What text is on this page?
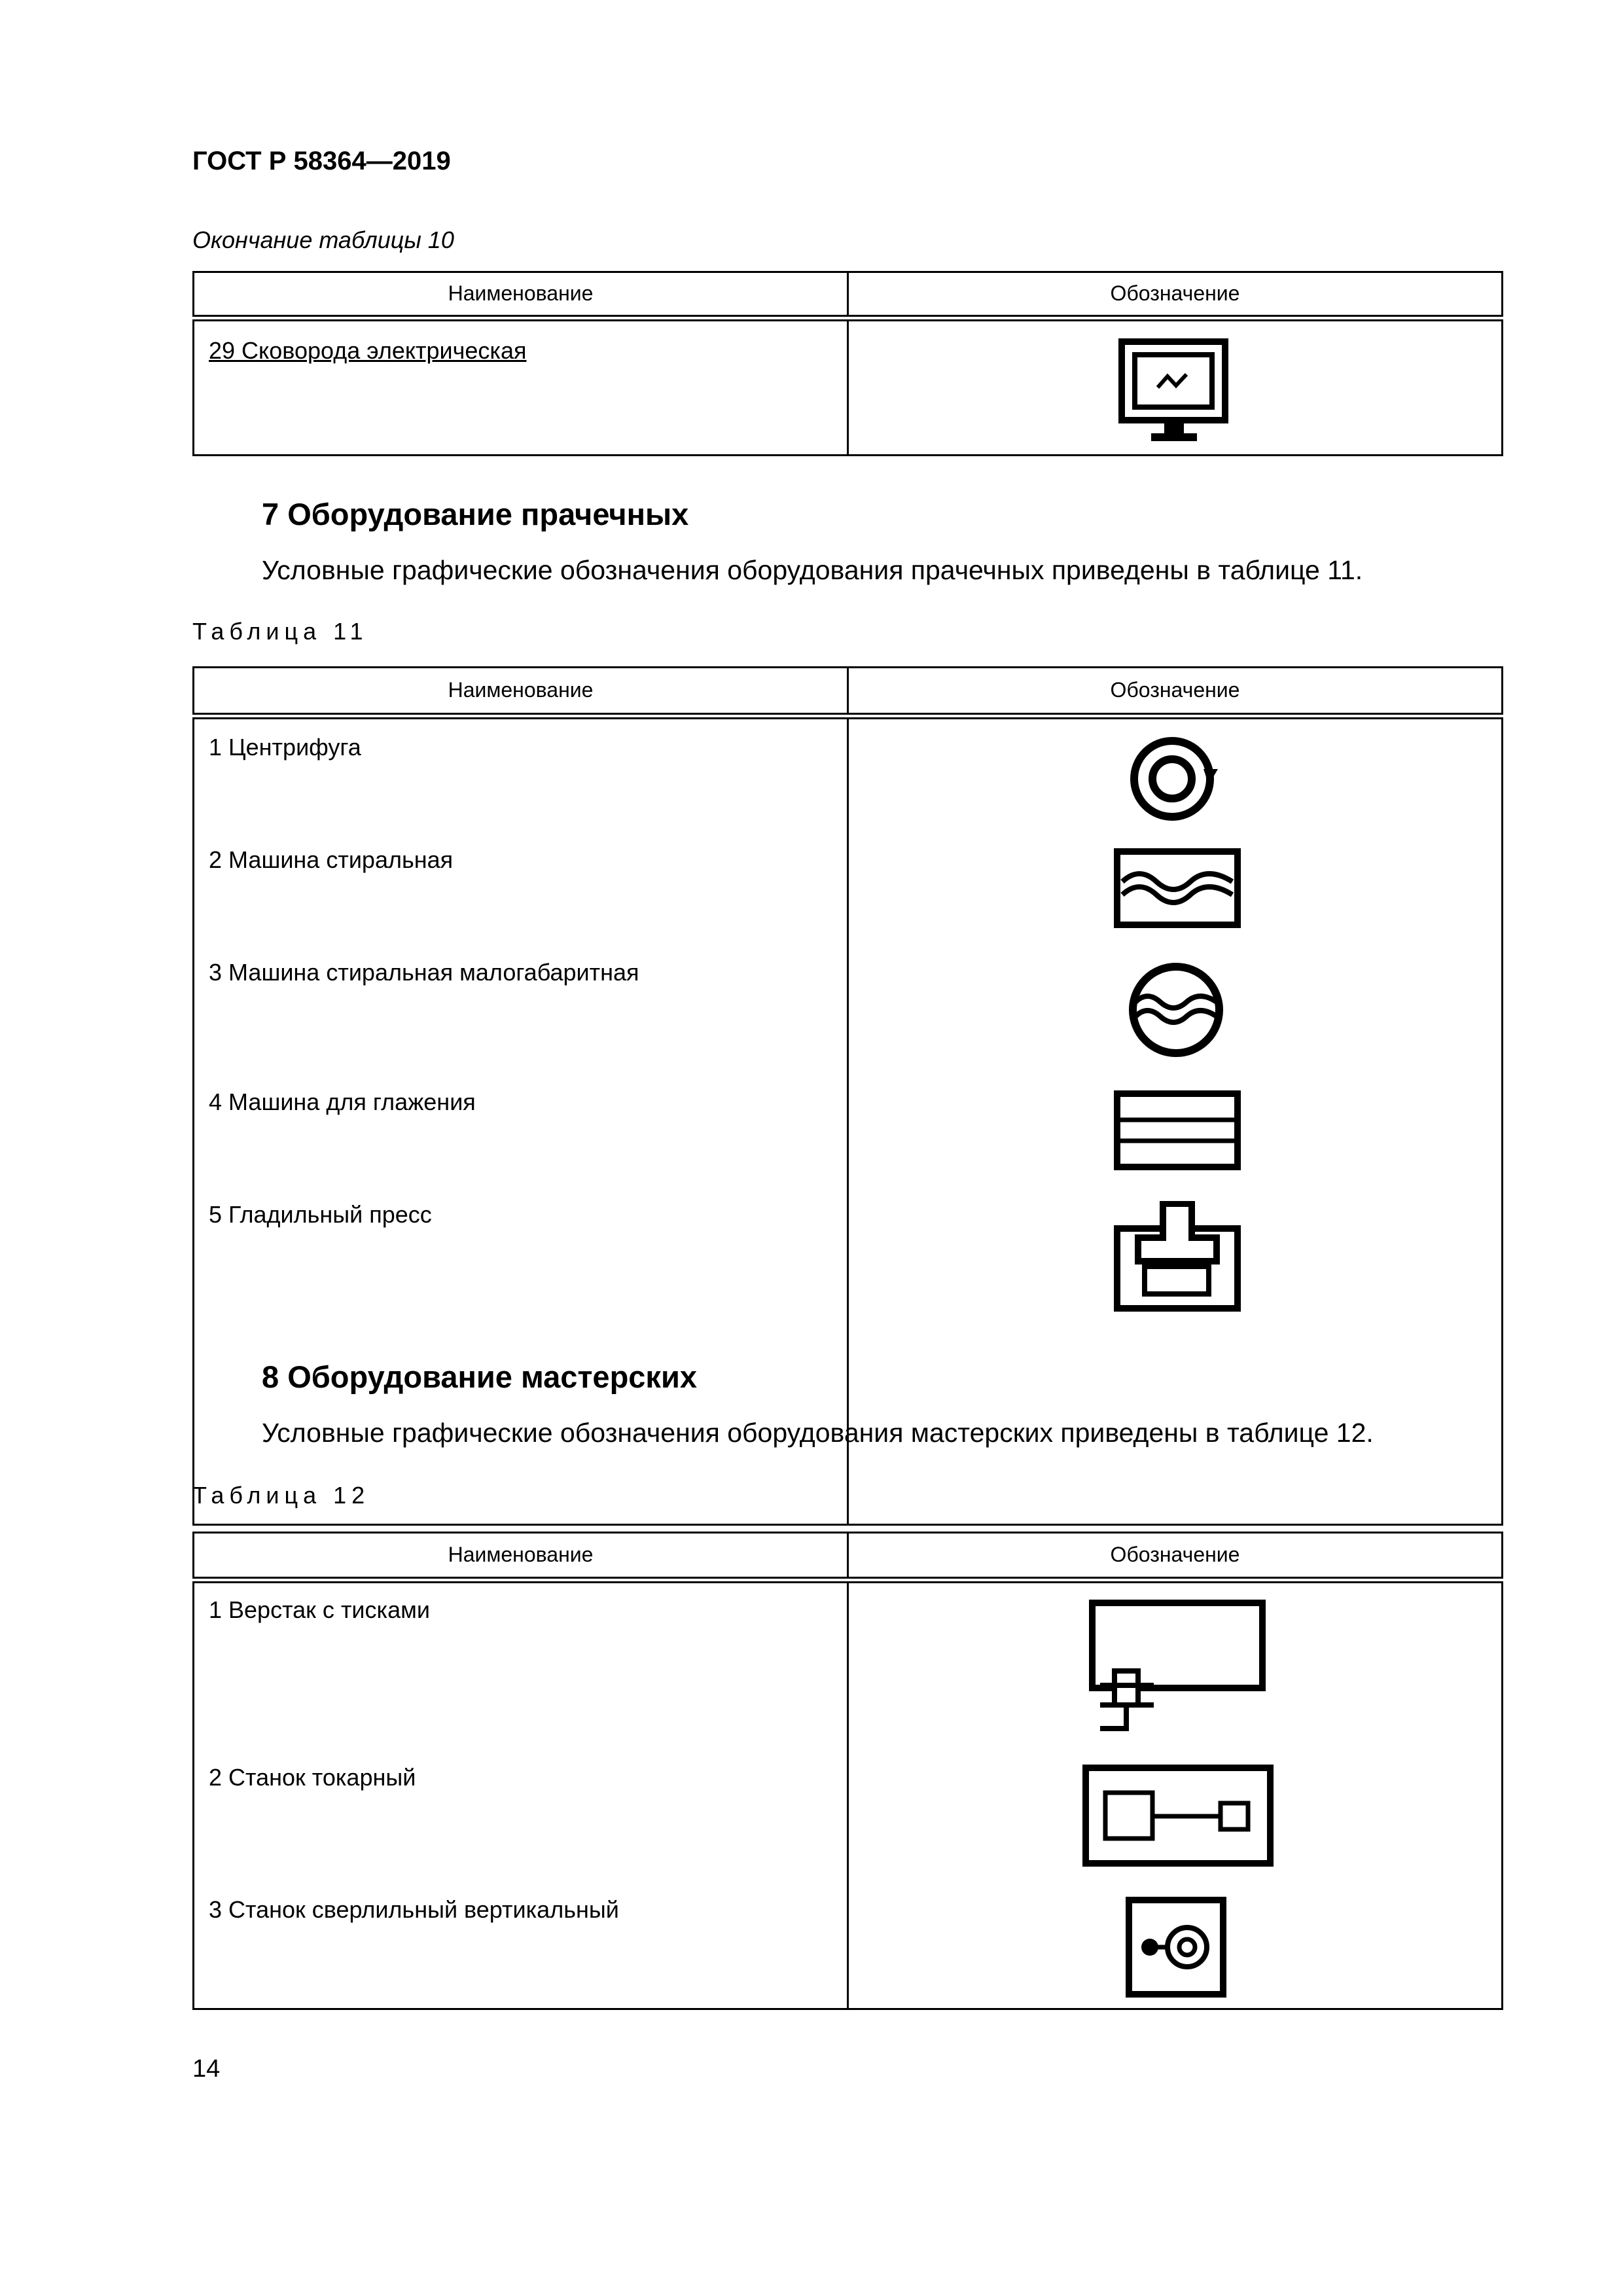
ГОСТ Р 58364—2019
Окончание таблицы 10
Наименование	Обозначение
29 Сковорода электрическая	
7 Оборудование прачечных
Условные графические обозначения оборудования прачечных приведены в таблице 11.
Таблица 11
Наименование	Обозначение

1 Центрифуга
2 Машина стиральная
3 Машина стиральная малогабаритная
4 Машина для глажения
5 Гладильный пресс

8 Оборудование мастерских
Условные графические обозначения оборудования мастерских приведены в таблице 12.
Таблица 12
Наименование	Обозначение

1 Верстак с тисками
2 Станок токарный
3 Станок сверлильный вертикальный

14
